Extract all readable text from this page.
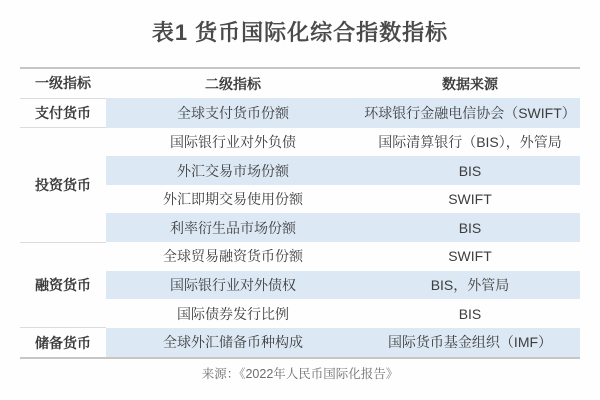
表1 货币国际化综合指数指标
一级指标	二级指标	数据来源
支付货币	全球支付货币份额	环球银行金融电信协会（SWIFT）
投资货币	国际银行业对外负债	国际清算银行（BIS），外管局
	外汇交易市场份额	BIS
	外汇即期交易使用份额	SWIFT
	利率衍生品市场份额	BIS
融资货币	全球贸易融资货币份额	SWIFT
	国际银行业对外债权	BIS，外管局
	国际债券发行比例	BIS
储备货币	全球外汇储备币种构成	国际货币基金组织（IMF）
来源：《2022年人民币国际化报告》
